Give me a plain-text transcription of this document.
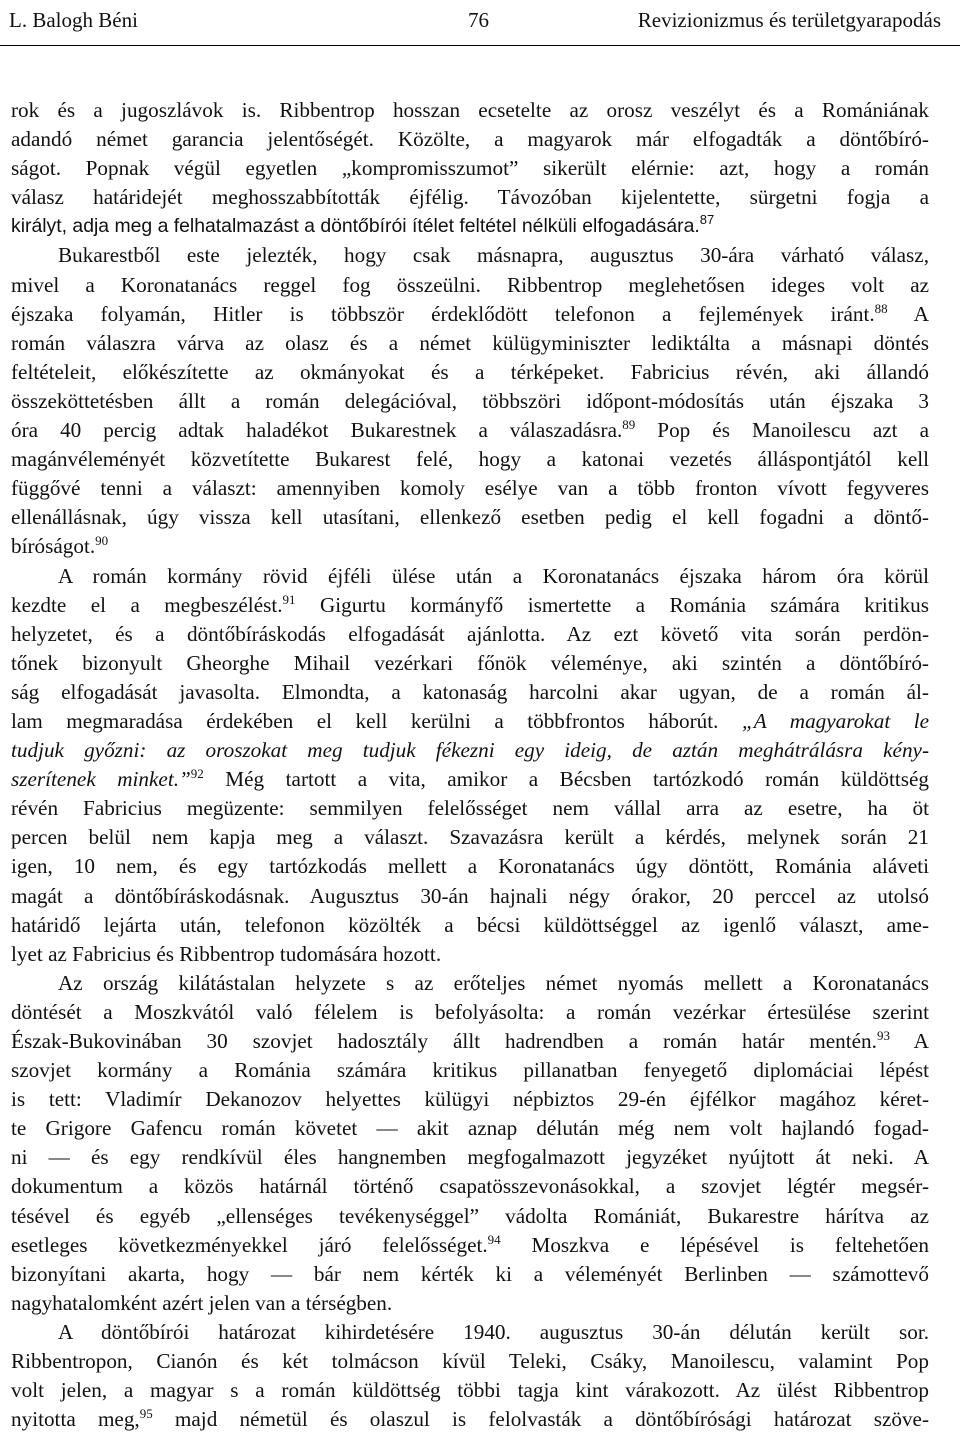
L. Balogh Béni	76	Revizionizmus és területgyarapodás
rok és a jugoszlávok is. Ribbentrop hosszan ecsetelte az orosz veszélyt és a Romániának
adandó német garancia jelentőségét. Közölte, a magyarok már elfogadták a döntőbíró-
ságot. Popnak végül egyetlen „kompromisszumot” sikerült elérnie: azt, hogy a román
válasz határidejét meghosszabbították éjfélig. Távozóban kijelentette, sürgetni fogja a
királyt, adja meg a felhatalmazást a döntőbírói ítélet feltétel nélküli elfogadására.$^{87}$
Bukarestből este jelezték, hogy csak másnapra, augusztus 30-ára várható válasz,
mivel a Koronatanács reggel fog összeülni. Ribbentrop meglehetősen ideges volt az
éjszaka folyamán, Hitler is többször érdeklődött telefonon a fejlemények iránt.$^{88}$ A
román válaszra várva az olasz és a német külügyminiszter lediktálta a másnapi döntés
feltételeit, előkészítette az okmányokat és a térképeket. Fabricius révén, aki állandó
összeköttetésben állt a román delegációval, többszöri időpont-módosítás után éjszaka 3
óra 40 percig adtak haladékot Bukarestnek a válaszadásra.$^{89}$ Pop és Manoilescu azt a
magánvéleményét közvetítette Bukarest felé, hogy a katonai vezetés álláspontjától kell
függővé tenni a választ: amennyiben komoly esélye van a több fronton vívott fegyveres
ellenállásnak, úgy vissza kell utasítani, ellenkező esetben pedig el kell fogadni a döntő-
bíróságot.$^{90}$
A román kormány rövid éjféli ülése után a Koronatanács éjszaka három óra körül
kezdte el a megbeszélést.$^{91}$ Gigurtu kormányfő ismertette a Románia számára kritikus
helyzetet, és a döntőbíráskodás elfogadását ajánlotta. Az ezt követő vita során perdön-
tőnek bizonyult Gheorghe Mihail vezérkari főnök véleménye, aki szintén a döntőbíró-
ság elfogadását javasolta. Elmondta, a katonaság harcolni akar ugyan, de a román ál-
lam megmaradása érdekében el kell kerülni a többfrontos háborút. „A magyarokat le
tudjuk győzni: az oroszokat meg tudjuk fékezni egy ideig, de aztán meghátrálásra kény-
szerítenek minket.”$^{92}$ Még tartott a vita, amikor a Bécsben tartózkodó román küldöttség
révén Fabricius megüzente: semmilyen felelősséget nem vállal arra az esetre, ha öt
percen belül nem kapja meg a választ. Szavazásra került a kérdés, melynek során 21
igen, 10 nem, és egy tartózkodás mellett a Koronatanács úgy döntött, Románia aláveti
magát a döntőbíráskodásnak. Augusztus 30-án hajnali négy órakor, 20 perccel az utolsó
határidő lejárta után, telefonon közölték a bécsi küldöttséggel az igenlő választ, ame-
lyet az Fabricius és Ribbentrop tudomására hozott.
Az ország kilátástalan helyzete s az erőteljes német nyomás mellett a Koronatanács
döntését a Moszkvától való félelem is befolyásolta: a román vezérkar értesülése szerint
Észak-Bukovinában 30 szovjet hadosztály állt hadrendben a román határ mentén.$^{93}$ A
szovjet kormány a Románia számára kritikus pillanatban fenyegető diplomáciai lépést
is tett: Vladimír Dekanozov helyettes külügyi népbiztos 29-én éjfélkor magához kéret-
te Grigore Gafencu román követet — akit aznap délután még nem volt hajlandó fogad-
ni — és egy rendkívül éles hangnemben megfogalmazott jegyzéket nyújtott át neki. A
dokumentum a közös határnál történő csapatösszevonásokkal, a szovjet légtér megsér-
tésével és egyéb „ellenséges tevékenységgel” vádolta Romániát, Bukarestre hárítva az
esetleges következményekkel járó felelősséget.$^{94}$ Moszkva e lépésével is feltehetően
bizonyítani akarta, hogy — bár nem kérték ki a véleményét Berlinben — számottevő
nagyhatalomként azért jelen van a térségben.
A döntőbírói határozat kihirdetésére 1940. augusztus 30-án délután került sor.
Ribbentropon, Cianón és két tolmácson kívül Teleki, Csáky, Manoilescu, valamint Pop
volt jelen, a magyar s a román küldöttség többi tagja kint várakozott. Az ülést Ribbentrop
nyitotta meg,$^{95}$ majd németül és olaszul is felolvasták a döntőbírósági határozat szöve-
